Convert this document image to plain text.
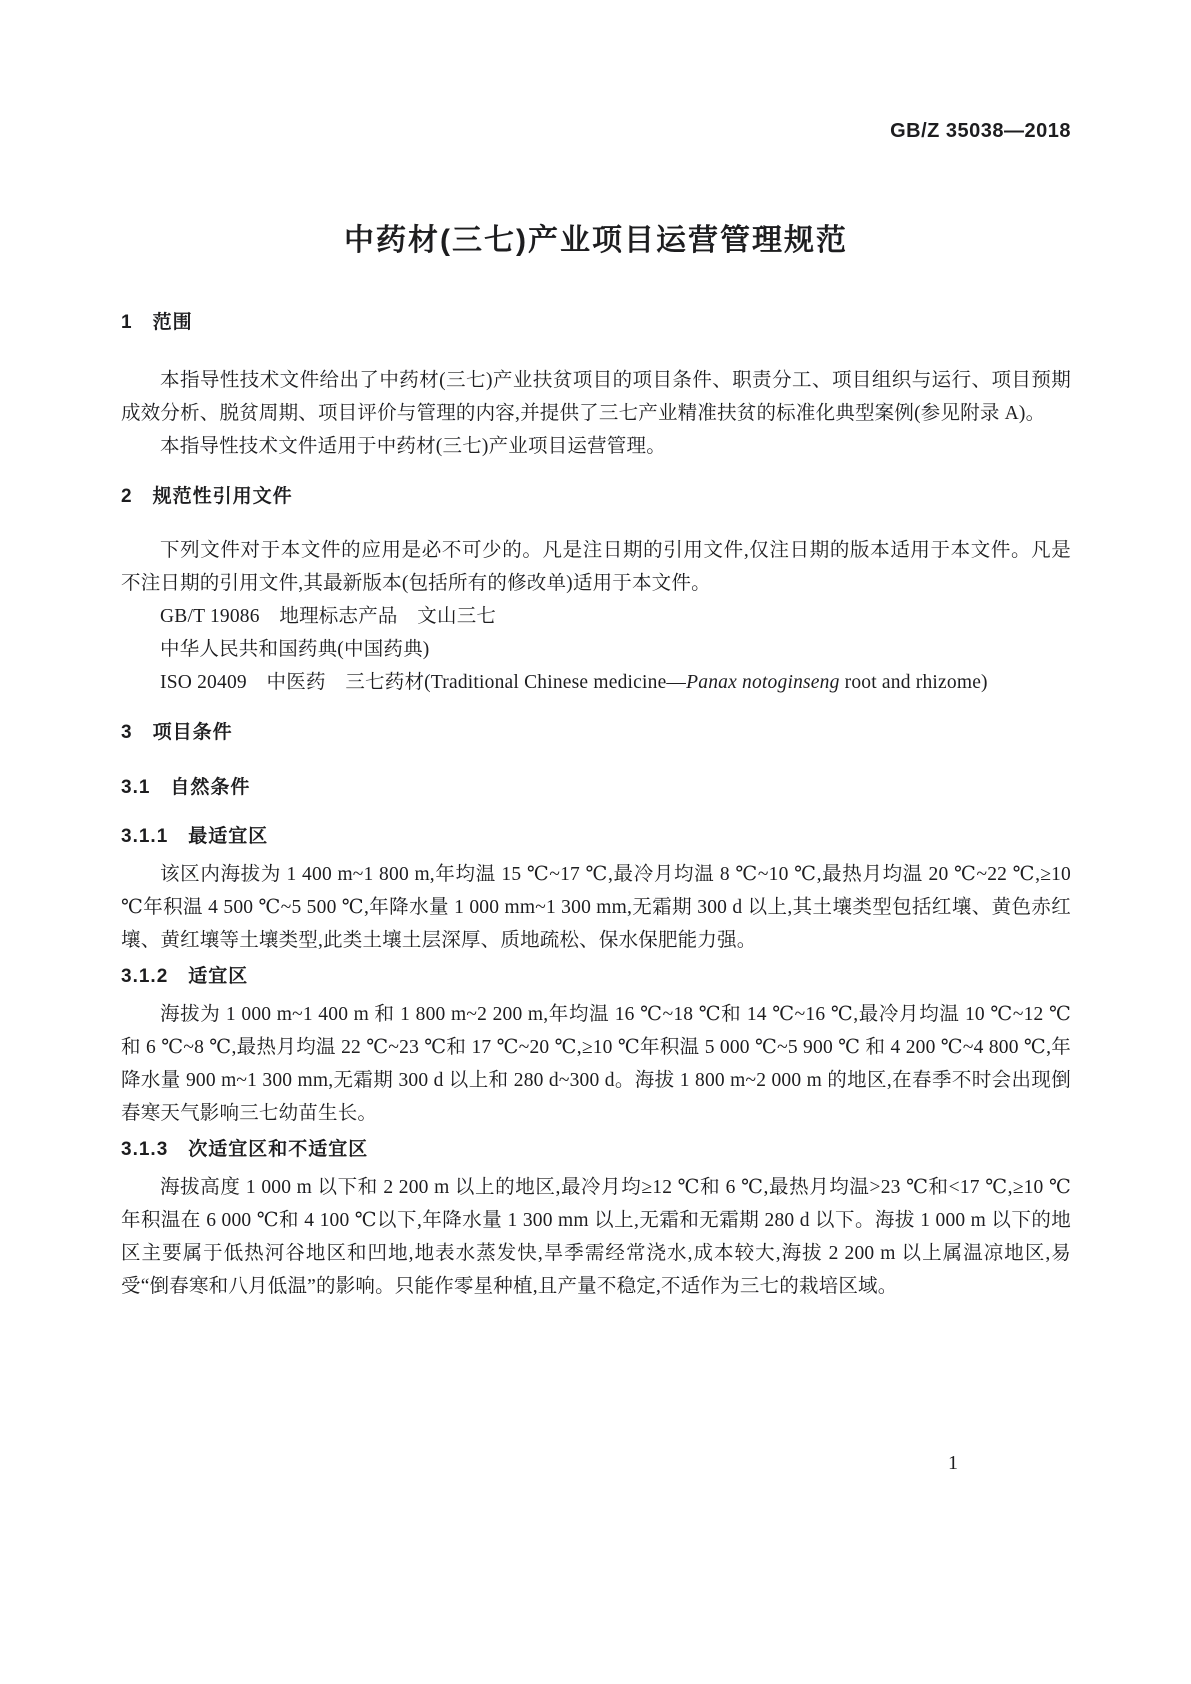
GB/Z 35038—2018
中药材(三七)产业项目运营管理规范
1　范围

本指导性技术文件给出了中药材(三七)产业扶贫项目的项目条件、职责分工、项目组织与运行、项目预期成效分析、脱贫周期、项目评价与管理的内容,并提供了三七产业精准扶贫的标准化典型案例(参见附录 A)。

本指导性技术文件适用于中药材(三七)产业项目运营管理。

2　规范性引用文件

下列文件对于本文件的应用是必不可少的。凡是注日期的引用文件,仅注日期的版本适用于本文件。凡是不注日期的引用文件,其最新版本(包括所有的修改单)适用于本文件。

GB/T 19086　地理标志产品　文山三七

中华人民共和国药典(中国药典)

ISO 20409　中医药　三七药材(Traditional Chinese medicine—Panax notoginseng root and rhizome)

3　项目条件
3.1　自然条件
3.1.1　最适宜区

该区内海拔为 1 400 m~1 800 m,年均温 15 ℃~17 ℃,最冷月均温 8 ℃~10 ℃,最热月均温 20 ℃~22 ℃,≥10 ℃年积温 4 500 ℃~5 500 ℃,年降水量 1 000 mm~1 300 mm,无霜期 300 d 以上,其土壤类型包括红壤、黄色赤红壤、黄红壤等土壤类型,此类土壤土层深厚、质地疏松、保水保肥能力强。

3.1.2　适宜区

海拔为 1 000 m~1 400 m 和 1 800 m~2 200 m,年均温 16 ℃~18 ℃和 14 ℃~16 ℃,最冷月均温 10 ℃~12 ℃和 6 ℃~8 ℃,最热月均温 22 ℃~23 ℃和 17 ℃~20 ℃,≥10 ℃年积温 5 000 ℃~5 900 ℃ 和 4 200 ℃~4 800 ℃,年降水量 900 m~1 300 mm,无霜期 300 d 以上和 280 d~300 d。海拔 1 800 m~2 000 m 的地区,在春季不时会出现倒春寒天气影响三七幼苗生长。

3.1.3　次适宜区和不适宜区

海拔高度 1 000 m 以下和 2 200 m 以上的地区,最冷月均≥12 ℃和 6 ℃,最热月均温>23 ℃和<17 ℃,≥10 ℃年积温在 6 000 ℃和 4 100 ℃以下,年降水量 1 300 mm 以上,无霜和无霜期 280 d 以下。海拔 1 000 m 以下的地区主要属于低热河谷地区和凹地,地表水蒸发快,旱季需经常浇水,成本较大,海拔 2 200 m 以上属温凉地区,易受“倒春寒和八月低温”的影响。只能作零星种植,且产量不稳定,不适作为三七的栽培区域。

1
